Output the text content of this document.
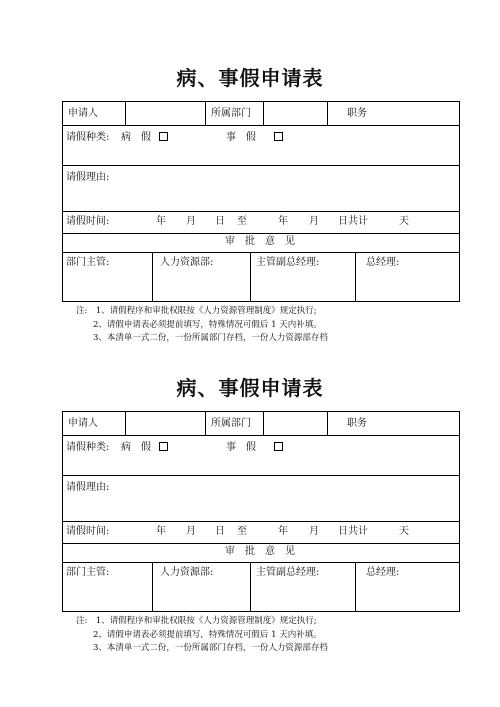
病、事假申请表
申请人	所属部门	职务
请假种类: 病　假	事　假
请假理由:
请假时间:	年 月 日 至	年 月 日共计	天
审　批　意　见
部门主管:	人力资源部:	主管副总经理:	总经理:
注:　1、请假程序和审批权限按《人力资源管理制度》规定执行;
2、请假申请表必须提前填写，特殊情况可假后 1 天内补填。
3、本清单一式二份，一份所属部门存档，一份人力资源部存档
病、事假申请表
申请人	所属部门	职务
请假种类: 病　假	事　假
请假理由:
请假时间:	年 月 日 至	年 月 日共计	天
审　批　意　见
部门主管:	人力资源部:	主管副总经理:	总经理:
注:　1、请假程序和审批权限按《人力资源管理制度》规定执行;
2、请假申请表必须提前填写，特殊情况可假后 1 天内补填。
3、本清单一式二份，一份所属部门存档，一份人力资源部存档
